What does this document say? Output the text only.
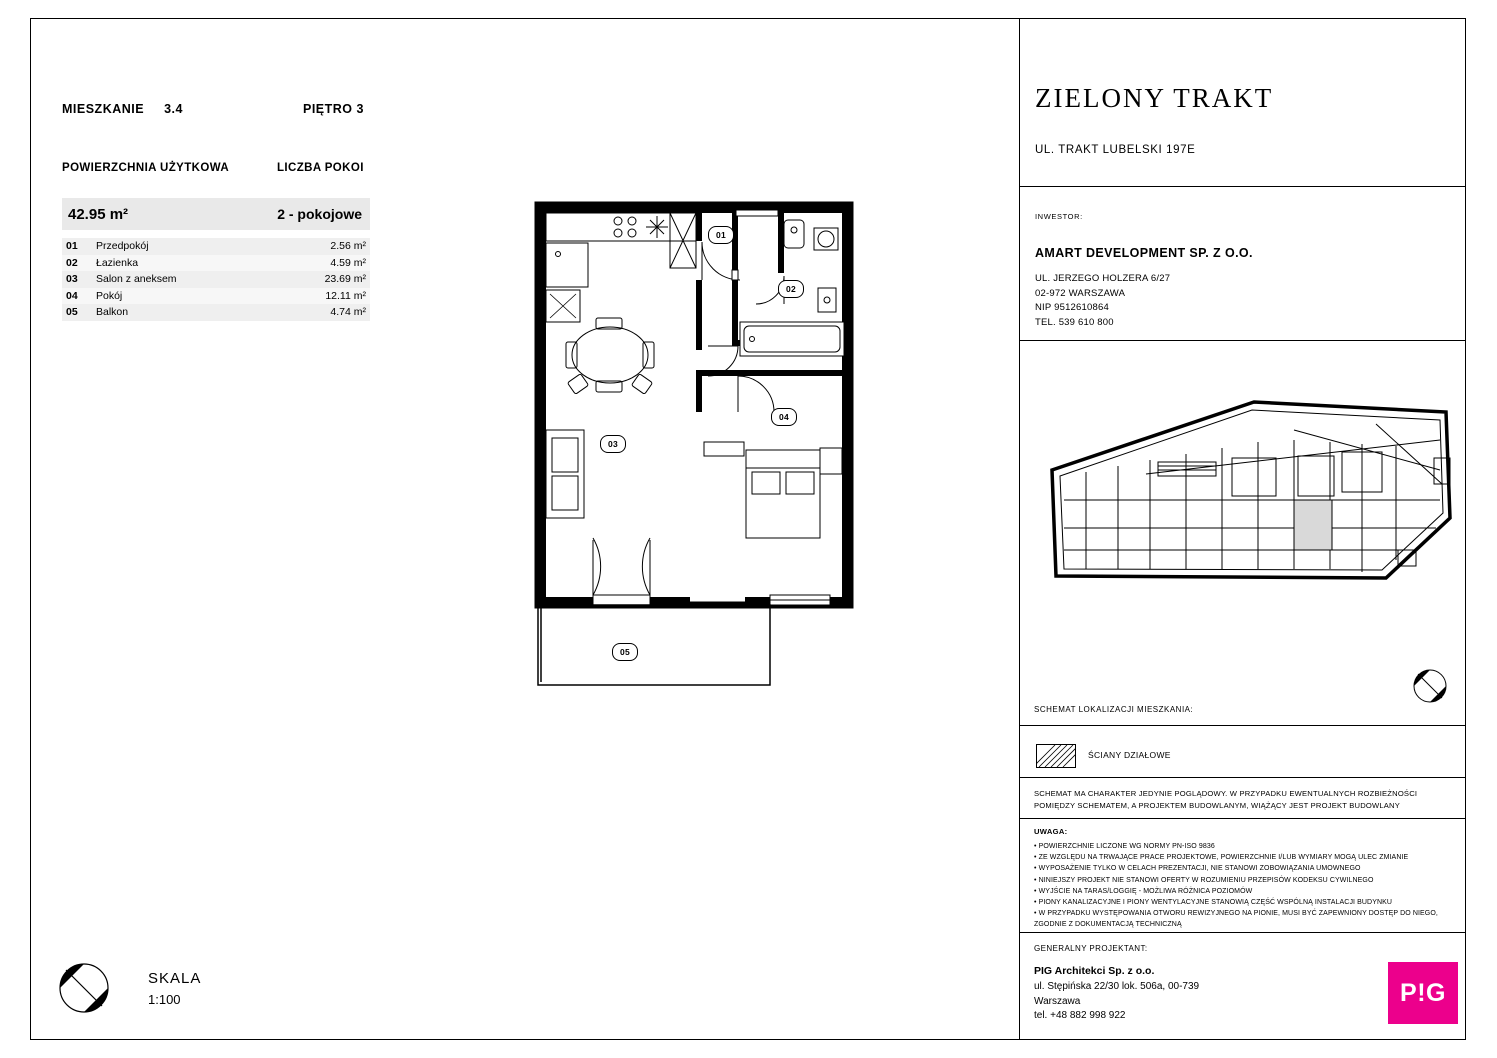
MIESZKANIE 3.4	PIĘTRO 3
POWIERZCHNIA UŻYTKOWA	LICZBA POKOI
42.95 m²	2 - pokojowe
01	Przedpokój	2.56 m²
02	Łazienka	4.59 m²
03	Salon z aneksem	23.69 m²
04	Pokój	12.11 m²
05	Balkon	4.74 m²
01
02
03
04
05
SKALA
1:100
ZIELONY TRAKT
UL. TRAKT LUBELSKI 197E
INWESTOR:
AMART DEVELOPMENT SP. Z O.O.
UL. JERZEGO HOLZERA 6/27
02-972 WARSZAWA
NIP 9512610864
TEL. 539 610 800
SCHEMAT LOKALIZACJI MIESZKANIA:
ŚCIANY DZIAŁOWE
SCHEMAT MA CHARAKTER JEDYNIE POGLĄDOWY. W PRZYPADKU EWENTUALNYCH ROZBIEŻNOŚCI POMIĘDZY SCHEMATEM, A PROJEKTEM BUDOWLANYM, WIĄŻĄCY JEST PROJEKT BUDOWLANY
UWAGA:
• POWIERZCHNIE LICZONE WG NORMY PN-ISO 9836
• ZE WZGLĘDU NA TRWAJĄCE PRACE PROJEKTOWE, POWIERZCHNIE I/LUB WYMIARY MOGĄ ULEC ZMIANIE
• WYPOSAŻENIE TYLKO W CELACH PREZENTACJI, NIE STANOWI ZOBOWIĄZANIA UMOWNEGO
• NINIEJSZY PROJEKT NIE STANOWI OFERTY W ROZUMIENIU PRZEPISÓW KODEKSU CYWILNEGO
• WYJŚCIE NA TARAS/LOGGIĘ - MOŻLIWA RÓŻNICA POZIOMÓW
• PIONY KANALIZACYJNE I PIONY WENTYLACYJNE STANOWIĄ CZĘŚĆ WSPÓLNĄ INSTALACJI BUDYNKU
• W PRZYPADKU WYSTĘPOWANIA OTWORU REWIZYJNEGO NA PIONIE, MUSI BYĆ ZAPEWNIONY DOSTĘP DO NIEGO,
ZGODNIE Z DOKUMENTACJĄ TECHNICZNĄ
GENERALNY PROJEKTANT:
PIG Architekci Sp. z o.o.
ul. Stępińska 22/30 lok. 506a, 00-739
Warszawa
tel. +48 882 998 922
P!G
